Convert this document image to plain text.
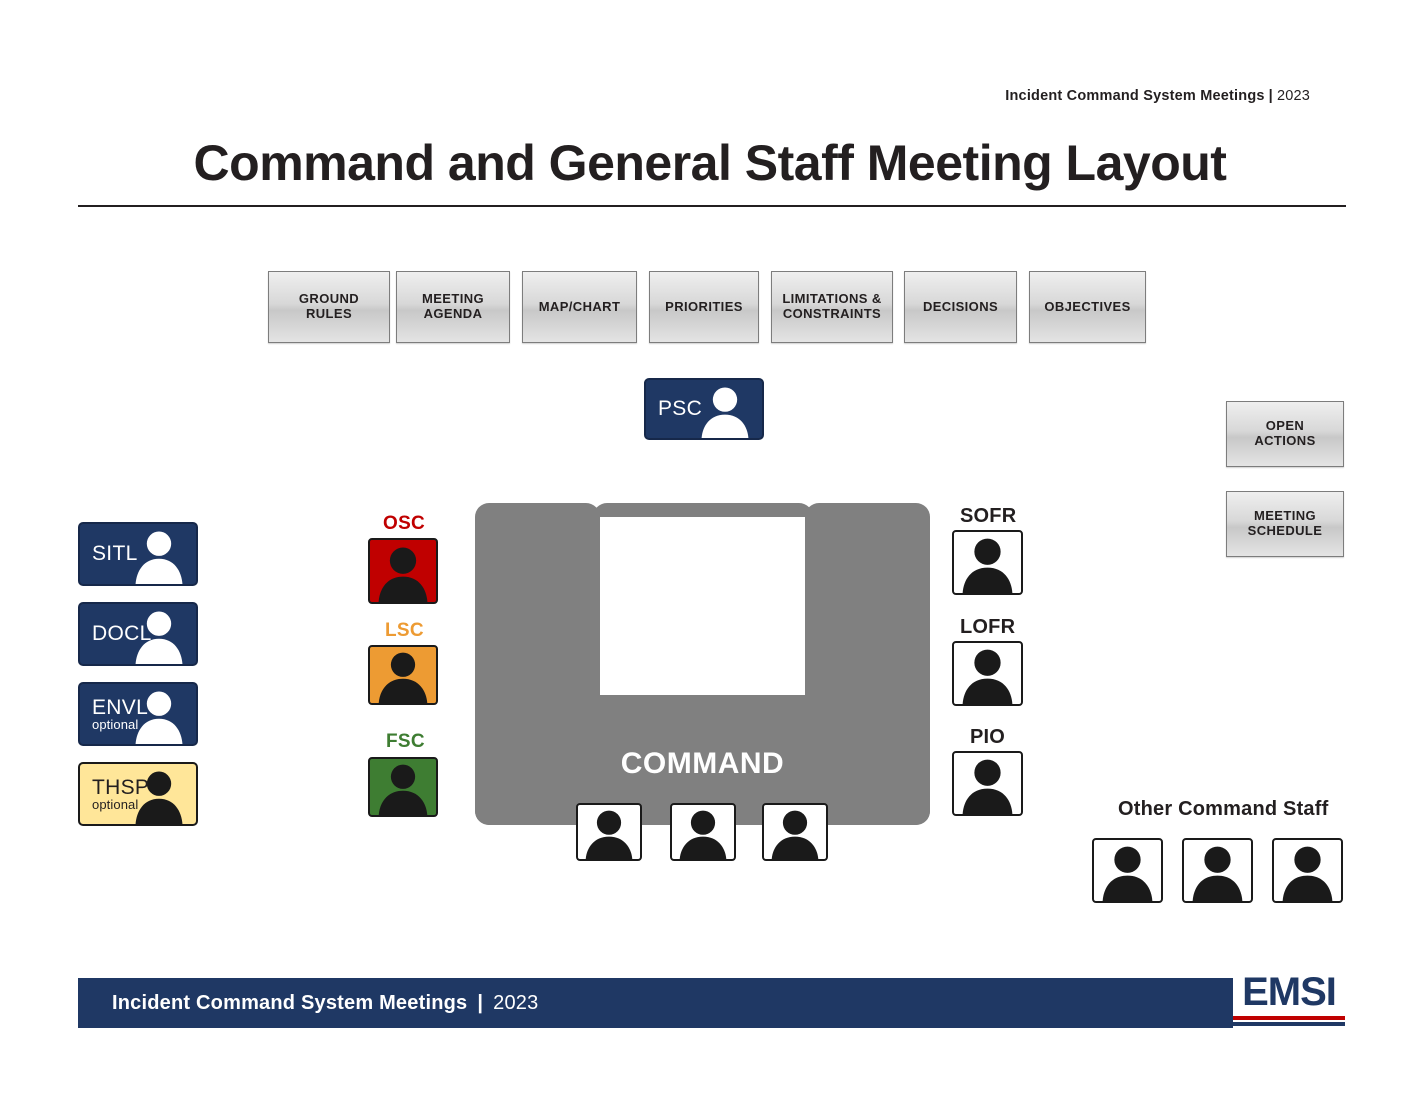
Incident Command System Meetings | 2023
Command and General Staff Meeting Layout
GROUND
RULES
MEETING
AGENDA	MAP/CHART	PRIORITIES	LIMITATIONS &
CONSTRAINTS	DECISIONS	OBJECTIVES
OPEN
ACTIONS
MEETING
SCHEDULE
PSC
SITL
DOCL
ENVL
optional
THSP
optional
OSC
LSC
FSC
COMMAND
SOFR
LOFR
PIO
Other Command Staff
Incident Command System Meetings | 2023	EMSI
